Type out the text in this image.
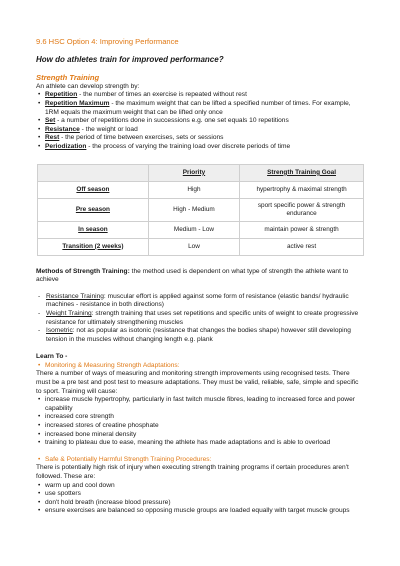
9.6 HSC Option 4: Improving Performance
How do athletes train for improved performance?
Strength Training

An athlete can develop strength by:

• Repetition - the number of times an exercise is repeated without rest
• Repetition Maximum - the maximum weight that can be lifted a specified number of times. For example, 1RM equals the maximum weight that can be lifted only once
• Set - a number of repetitions done in successions e.g. one set equals 10 repetitions
• Resistance - the weight or load
• Rest - the period of time between exercises, sets or sessions
• Periodization - the process of varying the training load over discrete periods of time
	Priority	Strength Training Goal
Off season	High	hypertrophy & maximal strength
Pre season	High - Medium	sport specific power & strength endurance
In season	Medium - Low	maintain power & strength
Transition (2 weeks)	Low	active rest

Methods of Strength Training: the method used is dependent on what type of strength the athlete want to achieve

- Resistance Training: muscular effort is applied against some form of resistance (elastic bands/ hydraulic machines - resistance in both directions)
- Weight Training: strength training that uses set repetitions and specific units of weight to create progressive resistance for ultimately strengthening muscles
- Isometric: not as popular as isotonic (resistance that changes the bodies shape) however still developing tension in the muscles without changing length e.g. plank

Learn To -

• Monitoring & Measuring Strength Adaptations:

There a number of ways of measuring and monitoring strength improvements using recognised tests. There must be a pre test and post test to measure adaptations. They must be valid, reliable, safe, simple and specific to sport. Training will cause:

• increase muscle hypertrophy, particularly in fast twitch muscle fibres, leading to increased force and power capability
• increased core strength
• increased stores of creatine phosphate
• increased bone mineral density
• training to plateau due to ease, meaning the athlete has made adaptations and is able to overload
• Safe & Potentially Harmful Strength Training Procedures:

There is potentially high risk of injury when executing strength training programs if certain procedures aren't followed. These are:

• warm up and cool down
• use spotters
• don't hold breath (increase blood pressure)
• ensure exercises are balanced so opposing muscle groups are loaded equally with target muscle groups
